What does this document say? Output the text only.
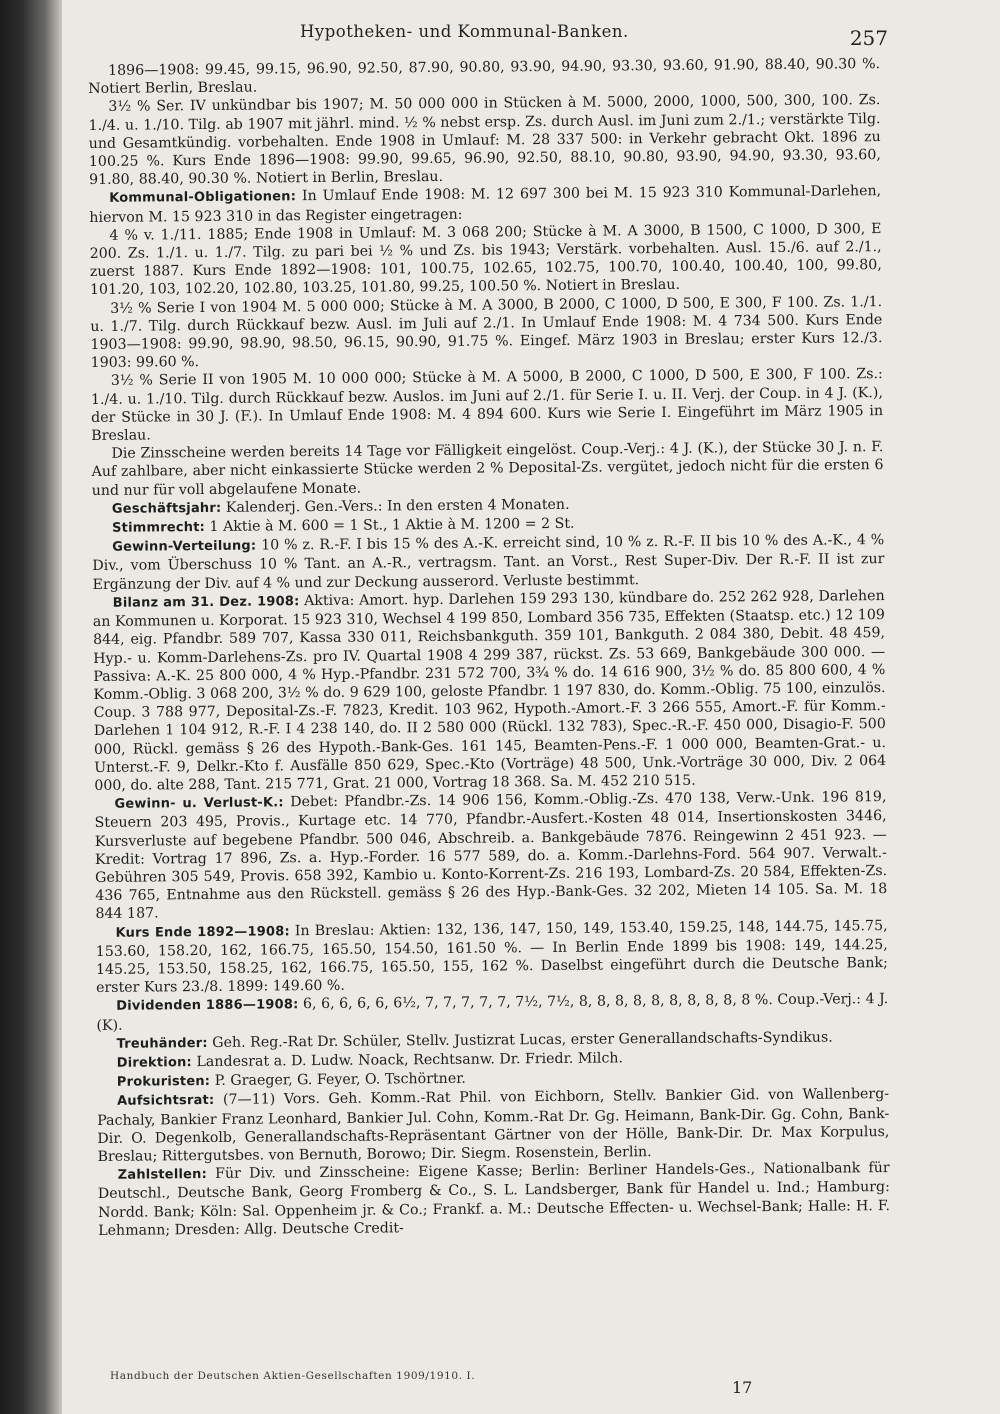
Hypotheken- und Kommunal-Banken.	257

1896—1908: 99.45, 99.15, 96.90, 92.50, 87.90, 90.80, 93.90, 94.90, 93.30, 93.60, 91.90, 88.40, 90.30 %. Notiert Berlin, Breslau.

3½ % Ser. IV unkündbar bis 1907; M. 50 000 000 in Stücken à M. 5000, 2000, 1000, 500, 300, 100. Zs. 1./4. u. 1./10. Tilg. ab 1907 mit jährl. mind. ½ % nebst ersp. Zs. durch Ausl. im Juni zum 2./1.; verstärkte Tilg. und Gesamtkündig. vorbehalten. Ende 1908 in Umlauf: M. 28 337 500: in Verkehr gebracht Okt. 1896 zu 100.25 %. Kurs Ende 1896—1908: 99.90, 99.65, 96.90, 92.50, 88.10, 90.80, 93.90, 94.90, 93.30, 93.60, 91.80, 88.40, 90.30 %. Notiert in Berlin, Breslau.

Kommunal-Obligationen: In Umlauf Ende 1908: M. 12 697 300 bei M. 15 923 310 Kommunal-Darlehen, hiervon M. 15 923 310 in das Register eingetragen:

4 % v. 1./11. 1885; Ende 1908 in Umlauf: M. 3 068 200; Stücke à M. A 3000, B 1500, C 1000, D 300, E 200. Zs. 1./1. u. 1./7. Tilg. zu pari bei ½ % und Zs. bis 1943; Verstärk. vorbehalten. Ausl. 15./6. auf 2./1., zuerst 1887. Kurs Ende 1892—1908: 101, 100.75, 102.65, 102.75, 100.70, 100.40, 100.40, 100, 99.80, 101.20, 103, 102.20, 102.80, 103.25, 101.80, 99.25, 100.50 %. Notiert in Breslau.

3½ % Serie I von 1904 M. 5 000 000; Stücke à M. A 3000, B 2000, C 1000, D 500, E 300, F 100. Zs. 1./1. u. 1./7. Tilg. durch Rückkauf bezw. Ausl. im Juli auf 2./1. In Umlauf Ende 1908: M. 4 734 500. Kurs Ende 1903—1908: 99.90, 98.90, 98.50, 96.15, 90.90, 91.75 %. Eingef. März 1903 in Breslau; erster Kurs 12./3. 1903: 99.60 %.

3½ % Serie II von 1905 M. 10 000 000; Stücke à M. A 5000, B 2000, C 1000, D 500, E 300, F 100. Zs.: 1./4. u. 1./10. Tilg. durch Rückkauf bezw. Auslos. im Juni auf 2./1. für Serie I. u. II. Verj. der Coup. in 4 J. (K.), der Stücke in 30 J. (F.). In Umlauf Ende 1908: M. 4 894 600. Kurs wie Serie I. Eingeführt im März 1905 in Breslau.

Die Zinsscheine werden bereits 14 Tage vor Fälligkeit eingelöst. Coup.-Verj.: 4 J. (K.), der Stücke 30 J. n. F. Auf zahlbare, aber nicht einkassierte Stücke werden 2 % Deposital-Zs. vergütet, jedoch nicht für die ersten 6 und nur für voll abgelaufene Monate.

Geschäftsjahr: Kalenderj. Gen.-Vers.: In den ersten 4 Monaten.

Stimmrecht: 1 Aktie à M. 600 = 1 St., 1 Aktie à M. 1200 = 2 St.

Gewinn-Verteilung: 10 % z. R.-F. I bis 15 % des A.-K. erreicht sind, 10 % z. R.-F. II bis 10 % des A.-K., 4 % Div., vom Überschuss 10 % Tant. an A.-R., vertragsm. Tant. an Vorst., Rest Super-Div. Der R.-F. II ist zur Ergänzung der Div. auf 4 % und zur Deckung ausserord. Verluste bestimmt.

Bilanz am 31. Dez. 1908: Aktiva: Amort. hyp. Darlehen 159 293 130, kündbare do. 252 262 928, Darlehen an Kommunen u. Korporat. 15 923 310, Wechsel 4 199 850, Lombard 356 735, Effekten (Staatsp. etc.) 12 109 844, eig. Pfandbr. 589 707, Kassa 330 011, Reichsbankguth. 359 101, Bankguth. 2 084 380, Debit. 48 459, Hyp.- u. Komm-Darlehens-Zs. pro IV. Quartal 1908 4 299 387, rückst. Zs. 53 669, Bankgebäude 300 000. — Passiva: A.-K. 25 800 000, 4 % Hyp.-Pfandbr. 231 572 700, 3¾ % do. 14 616 900, 3½ % do. 85 800 600, 4 % Komm.-Oblig. 3 068 200, 3½ % do. 9 629 100, geloste Pfandbr. 1 197 830, do. Komm.-Oblig. 75 100, einzulös. Coup. 3 788 977, Deposital-Zs.-F. 7823, Kredit. 103 962, Hypoth.-Amort.-F. 3 266 555, Amort.-F. für Komm.-Darlehen 1 104 912, R.-F. I 4 238 140, do. II 2 580 000 (Rückl. 132 783), Spec.-R.-F. 450 000, Disagio-F. 500 000, Rückl. gemäss § 26 des Hypoth.-Bank-Ges. 161 145, Beamten-Pens.-F. 1 000 000, Beamten-Grat.- u. Unterst.-F. 9, Delkr.-Kto f. Ausfälle 850 629, Spec.-Kto (Vorträge) 48 500, Unk.-Vorträge 30 000, Div. 2 064 000, do. alte 288, Tant. 215 771, Grat. 21 000, Vortrag 18 368. Sa. M. 452 210 515.

Gewinn- u. Verlust-K.: Debet: Pfandbr.-Zs. 14 906 156, Komm.-Oblig.-Zs. 470 138, Verw.-Unk. 196 819, Steuern 203 495, Provis., Kurtage etc. 14 770, Pfandbr.-Ausfert.-Kosten 48 014, Insertionskosten 3446, Kursverluste auf begebene Pfandbr. 500 046, Abschreib. a. Bankgebäude 7876. Reingewinn 2 451 923. — Kredit: Vortrag 17 896, Zs. a. Hyp.-Forder. 16 577 589, do. a. Komm.-Darlehns-Ford. 564 907. Verwalt.-Gebühren 305 549, Provis. 658 392, Kambio u. Konto-Korrent-Zs. 216 193, Lombard-Zs. 20 584, Effekten-Zs. 436 765, Entnahme aus den Rückstell. gemäss § 26 des Hyp.-Bank-Ges. 32 202, Mieten 14 105. Sa. M. 18 844 187.

Kurs Ende 1892—1908: In Breslau: Aktien: 132, 136, 147, 150, 149, 153.40, 159.25, 148, 144.75, 145.75, 153.60, 158.20, 162, 166.75, 165.50, 154.50, 161.50 %. — In Berlin Ende 1899 bis 1908: 149, 144.25, 145.25, 153.50, 158.25, 162, 166.75, 165.50, 155, 162 %. Daselbst eingeführt durch die Deutsche Bank; erster Kurs 23./8. 1899: 149.60 %.

Dividenden 1886—1908: 6, 6, 6, 6, 6, 6½, 7, 7, 7, 7, 7, 7½, 7½, 8, 8, 8, 8, 8, 8, 8, 8, 8, 8 %. Coup.-Verj.: 4 J. (K).

Treuhänder: Geh. Reg.-Rat Dr. Schüler, Stellv. Justizrat Lucas, erster Generallandschafts-Syndikus.

Direktion: Landesrat a. D. Ludw. Noack, Rechtsanw. Dr. Friedr. Milch.

Prokuristen: P. Graeger, G. Feyer, O. Tschörtner.

Aufsichtsrat: (7—11) Vors. Geh. Komm.-Rat Phil. von Eichborn, Stellv. Bankier Gid. von Wallenberg-Pachaly, Bankier Franz Leonhard, Bankier Jul. Cohn, Komm.-Rat Dr. Gg. Heimann, Bank-Dir. Gg. Cohn, Bank-Dir. O. Degenkolb, Generallandschafts-Repräsentant Gärtner von der Hölle, Bank-Dir. Dr. Max Korpulus, Breslau; Rittergutsbes. von Bernuth, Borowo; Dir. Siegm. Rosenstein, Berlin.

Zahlstellen: Für Div. und Zinsscheine: Eigene Kasse; Berlin: Berliner Handels-Ges., Nationalbank für Deutschl., Deutsche Bank, Georg Fromberg & Co., S. L. Landsberger, Bank für Handel u. Ind.; Hamburg: Nordd. Bank; Köln: Sal. Oppenheim jr. & Co.; Frankf. a. M.: Deutsche Effecten- u. Wechsel-Bank; Halle: H. F. Lehmann; Dresden: Allg. Deutsche Credit-

Handbuch der Deutschen Aktien-Gesellschaften 1909/1910. I.
17
